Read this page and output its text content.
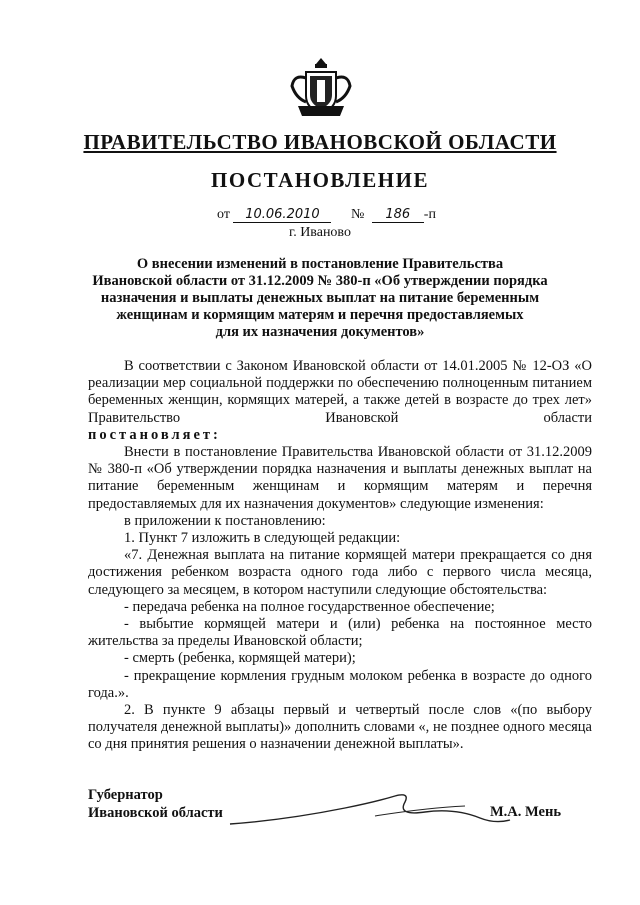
ПРАВИТЕЛЬСТВО ИВАНОВСКОЙ ОБЛАСТИ
ПОСТАНОВЛЕНИЕ
от 10.06.2010 № 186 -п
г. Иваново
О внесении изменений в постановление Правительства
Ивановской области от 31.12.2009 № 380-п «Об утверждении порядка
назначения и выплаты денежных выплат на питание беременным
женщинам и кормящим матерям и перечня предоставляемых
для их назначения документов»

В соответствии с Законом Ивановской области от 14.01.2005 № 12-ОЗ «О реализации мер социальной поддержки по обеспечению полноценным питанием беременных женщин, кормящих матерей, а также детей в возрасте до трех лет» Правительство Ивановской области

постановляет:

Внести в постановление Правительства Ивановской области от 31.12.2009 № 380-п «Об утверждении порядка назначения и выплаты денежных выплат на питание беременным женщинам и кормящим матерям и перечня предоставляемых для их назначения документов» следующие изменения:

в приложении к постановлению:

1. Пункт 7 изложить в следующей редакции:

«7. Денежная выплата на питание кормящей матери прекращается со дня достижения ребенком возраста одного года либо с первого числа месяца, следующего за месяцем, в котором наступили следующие обстоятельства:

- передача ребенка на полное государственное обеспечение;

- выбытие кормящей матери и (или) ребенка на постоянное место жительства за пределы Ивановской области;

- смерть (ребенка, кормящей матери);

- прекращение кормления грудным молоком ребенка в возрасте до одного года.».

2. В пункте 9 абзацы первый и четвертый после слов «(по выбору получателя денежной выплаты)» дополнить словами «, не позднее одного месяца со дня принятия решения о назначении денежной выплаты».

Губернатор
Ивановской области	М.А. Мень
